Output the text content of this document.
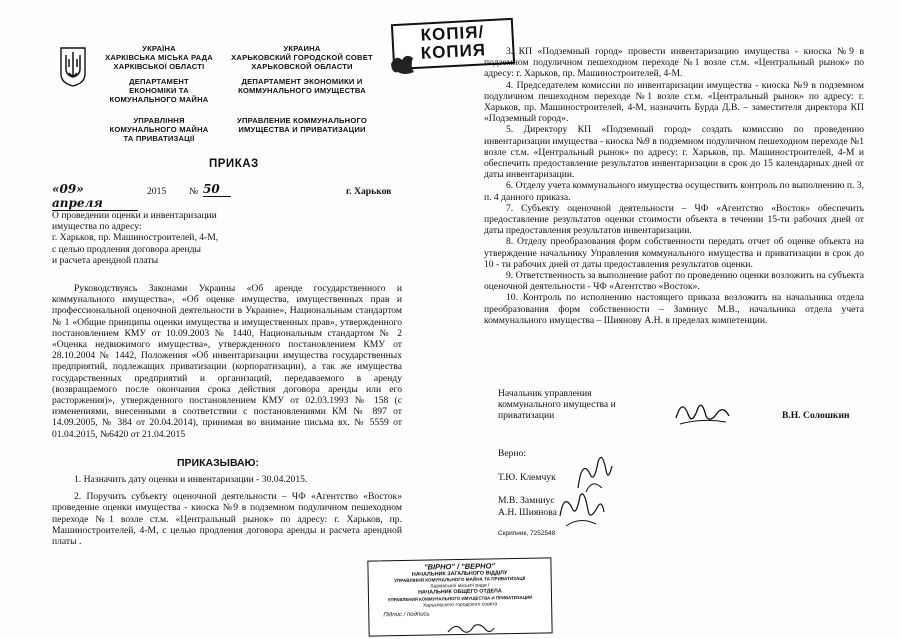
УКРАЇНА

ХАРКІВСЬКА МІСЬКА РАДА

ХАРКІВСЬКОЇ ОБЛАСТІ

ДЕПАРТАМЕНТ

ЕКОНОМІКИ ТА

КОМУНАЛЬНОГО МАЙНА

УПРАВЛІННЯ

КОМУНАЛЬНОГО МАЙНА

ТА ПРИВАТИЗАЦІЇ

УКРАИНА

ХАРЬКОВСКИЙ ГОРОДСКОЙ СОВЕТ

ХАРЬКОВСКОЙ ОБЛАСТИ

ДЕПАРТАМЕНТ ЭКОНОМИКИ И

КОММУНАЛЬНОГО ИМУЩЕСТВА

УПРАВЛЕНИЕ КОММУНАЛЬНОГО

ИМУЩЕСТВА И ПРИВАТИЗАЦИИ

КОПІЯ/
КОПИЯ
ПРИКАЗ
«09» апреля
2015 № 50	г. Харьков
О проведении оценки и инвентаризации
имущества по адресу:
г. Харьков, пр. Машиностроителей, 4-М,
с целью продления договора аренды
и расчета арендной платы

Руководствуясь Законами Украины «Об аренде государственного и коммунального имущества», «Об оценке имущества, имущественных прав и профессиональной оценочной деятельности в Украине», Национальным стандартом № 1 «Общие принципы оценки имущества и имущественных прав», утвержденного постановлением КМУ от 10.09.2003 № 1440, Национальным стандартом № 2 «Оценка недвижимого имущества», утвержденного постановлением КМУ от 28.10.2004 № 1442, Положения «Об инвентаризации имущества государственных предприятий, подлежащих приватизации (корпоратизации), а так же имущества государственных предприятий и организаций, передаваемого в аренду (возвращаемого после окончания срока действия договора аренды или его расторжения)», утвержденного постановлением КМУ от 02.03.1993 № 158 (с изменениями, внесенными в соответствии с постановлениями КМ № 897 от 14.09.2005, № 384 от 20.04.2014), принимая во внимание письма вх. № 5559 от 01.04.2015, №6420 от 21.04.2015

ПРИКАЗЫВАЮ:

1. Назначить дату оценки и инвентаризации - 30.04.2015.

2. Поручить субъекту оценочной деятельности – ЧФ «Агентство «Восток» проведение оценки имущества - киоска №9 в подземном подуличном пешеходном переходе №1 возле ст.м. «Центральный рынок» по адресу: г. Харьков, пр. Машиностроителей, 4-М, с целью продления договора аренды и расчета арендной платы .

3. КП «Подземный город» провести инвентаризацию имущества - киоска №9 в подземном подуличном пешеходном переходе №1 возле ст.м. «Центральный рынок» по адресу: г. Харьков, пр. Машиностроителей, 4-М.

4. Председателем комиссии по инвентаризации имущества - киоска №9 в подземном подуличном пешеходном переходе №1 возле ст.м. «Центральный рынок» по адресу: г. Харьков, пр. Машиностроителей, 4-М, назначить Бурда Д.В. – заместителя директора КП «Подземный город».

5. Директору КП «Подземный город» создать комиссию по проведению инвентаризации имущества - киоска №9 в подземном подуличном пешеходном переходе №1 возле ст.м. «Центральный рынок» по адресу: г. Харьков, пр. Машиностроителей, 4-М и обеспечить предоставление результатов инвентаризации в срок до 15 календарных дней от даты инвентаризации.

6. Отделу учета коммунального имущества осуществить контроль по выполнению п. 3, п. 4 данного приказа.

7. Субъекту оценочной деятельности – ЧФ «Агентство «Восток» обеспечить предоставление результатов оценки стоимости объекта в течении 15-ти рабочих дней от даты предоставления результатов инвентаризации.

8. Отделу преобразования форм собственности передать отчет об оценке объекта на утверждение начальнику Управления коммунального имущества и приватизации в срок до 10 - ти рабочих дней от даты предоставления результатов оценки.

9. Ответственность за выполнение работ по проведению оценки возложить на субъекта оценочной деятельности - ЧФ «Агентство «Восток».

10. Контроль по исполнению настоящего приказа возложить на начальника отдела преобразования форм собственности – Замниус М.В., начальника отдела учета коммунального имущества – Шиянову А.Н. в пределах компетенции.

Начальник управления
коммунального имущества и
приватизации	В.Н. Солошкин
Верно:
Т.Ю. Клемчук
М.В. Замниус
А.Н. Шиянова
Скрипник, 7252548
"ВІРНО" / "ВЕРНО"
НАЧАЛЬНИК ЗАГАЛЬНОГО ВІДДІЛУ
УПРАВЛІННЯ КОМУНАЛЬНОГО МАЙНА ТА ПРИВАТИЗАЦІЇ
Харківської міської ради /
НАЧАЛЬНИК ОБЩЕГО ОТДЕЛА
УПРАВЛЕНИЯ КОММУНАЛЬНОГО ИМУЩЕСТВА И ПРИВАТИЗАЦИИ
Харьковского городского совета
Підпис / подпись
